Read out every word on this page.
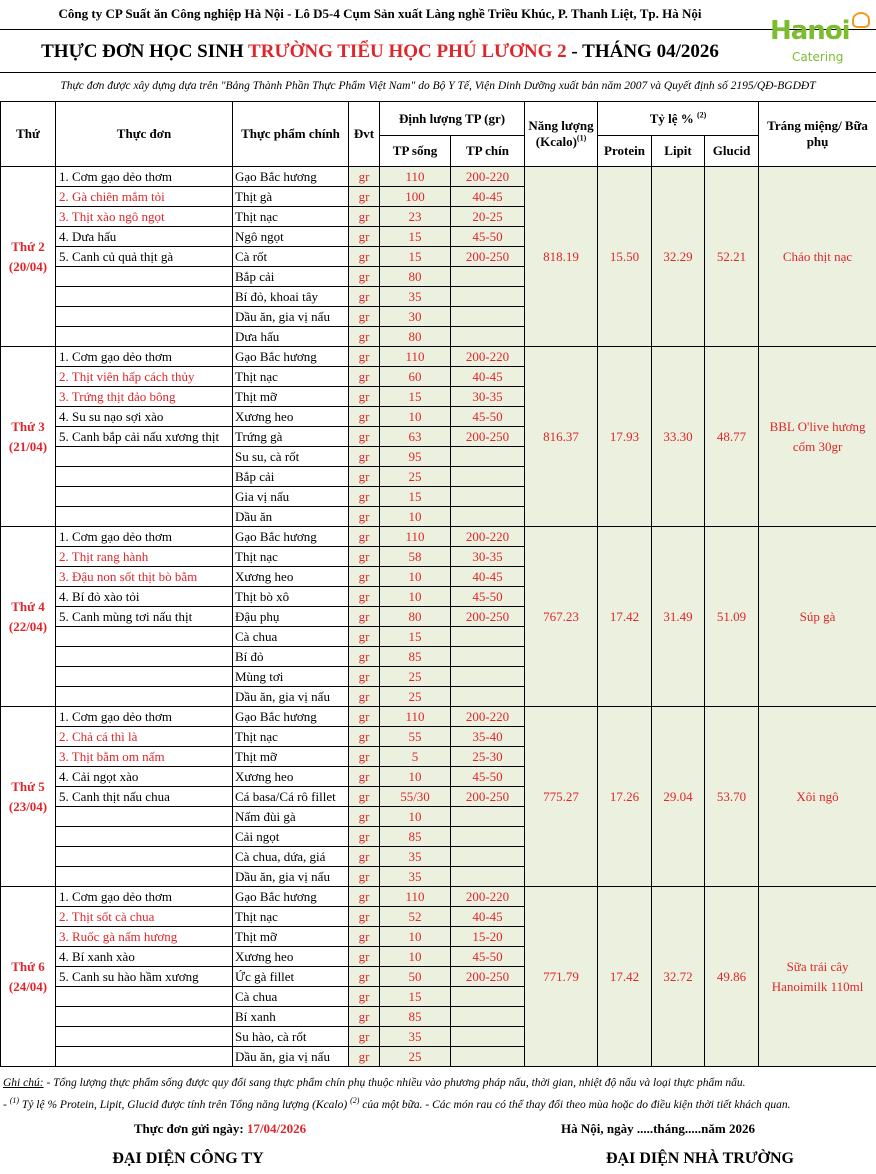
Công ty CP Suất ăn Công nghiệp Hà Nội - Lô D5-4 Cụm Sản xuất Làng nghề Triều Khúc, P. Thanh Liệt, Tp. Hà Nội
THỰC ĐƠN HỌC SINH TRƯỜNG TIỂU HỌC PHÚ LƯƠNG 2 - THÁNG 04/2026
Hanoi
Catering
Thực đơn được xây dựng dựa trên "Bảng Thành Phần Thực Phẩm Việt Nam" do Bộ Y Tế, Viện Dinh Dưỡng xuất bản năm 2007 và Quyết định số 2195/QĐ-BGDĐT
Thứ	Thực đơn	Thực phẩm chính	Đvt	Định lượng TP (gr)		Năng lượng (Kcalo)$^{(1)}$	Tỷ lệ % $^{(2)}$			Tráng miệng/ Bữa phụ
				TP sống	TP chín		Protein	Lipit	Glucid	

Thứ 2
(20/04)	1. Cơm gạo dẻo thơm	Gạo Bắc hương	gr	110	200-220	818.19	15.50	32.29	52.21	Cháo thịt nạc

	2. Gà chiên mắm tỏi	Thịt gà	gr	100	40-45					

	3. Thịt xào ngô ngọt	Thịt nạc	gr	23	20-25					

	4. Dưa hấu	Ngô ngọt	gr	15	45-50					

	5. Canh củ quả thịt gà	Cà rốt	gr	15	200-250					

		Bắp cải	gr	80						

		Bí đỏ, khoai tây	gr	35						

		Dầu ăn, gia vị nấu	gr	30						

		Dưa hấu	gr	80						

Thứ 3
(21/04)	1. Cơm gạo dẻo thơm	Gạo Bắc hương	gr	110	200-220	816.37	17.93	33.30	48.77	BBL O'live hương cốm 30gr

	2. Thịt viên hấp cách thủy	Thịt nạc	gr	60	40-45					

	3. Trứng thịt đảo bông	Thịt mỡ	gr	15	30-35					

	4. Su su nạo sợi xào	Xương heo	gr	10	45-50					

	5. Canh bắp cải nấu xương thịt	Trứng gà	gr	63	200-250					

		Su su, cà rốt	gr	95						

		Bắp cải	gr	25						

		Gia vị nấu	gr	15						

		Dầu ăn	gr	10						

Thứ 4
(22/04)	1. Cơm gạo dẻo thơm	Gạo Bắc hương	gr	110	200-220	767.23	17.42	31.49	51.09	Súp gà

	2. Thịt rang hành	Thịt nạc	gr	58	30-35					

	3. Đậu non sốt thịt bò bằm	Xương heo	gr	10	40-45					

	4. Bí đỏ xào tỏi	Thịt bò xô	gr	10	45-50					

	5. Canh mùng tơi nấu thịt	Đậu phụ	gr	80	200-250					

		Cà chua	gr	15						

		Bí đỏ	gr	85						

		Mùng tơi	gr	25						

		Dầu ăn, gia vị nấu	gr	25						

Thứ 5
(23/04)	1. Cơm gạo dẻo thơm	Gạo Bắc hương	gr	110	200-220	775.27	17.26	29.04	53.70	Xôi ngô

	2. Chả cá thì là	Thịt nạc	gr	55	35-40					

	3. Thịt bằm om nấm	Thịt mỡ	gr	5	25-30					

	4. Cải ngọt xào	Xương heo	gr	10	45-50					

	5. Canh thịt nấu chua	Cá basa/Cá rô fillet	gr	55/30	200-250					

		Nấm đùi gà	gr	10						

		Cải ngọt	gr	85						

		Cà chua, dứa, giá	gr	35						

		Dầu ăn, gia vị nấu	gr	35						

Thứ 6
(24/04)	1. Cơm gạo dẻo thơm	Gạo Bắc hương	gr	110	200-220	771.79	17.42	32.72	49.86	Sữa trái cây Hanoimilk 110ml

	2. Thịt sốt cà chua	Thịt nạc	gr	52	40-45					

	3. Ruốc gà nấm hương	Thịt mỡ	gr	10	15-20					

	4. Bí xanh xào	Xương heo	gr	10	45-50					

	5. Canh su hào hầm xương	Ức gà fillet	gr	50	200-250					

		Cà chua	gr	15						

		Bí xanh	gr	85						

		Su hào, cà rốt	gr	35						

		Dầu ăn, gia vị nấu	gr	25						

Ghi chú: - Tổng lượng thực phẩm sống được quy đổi sang thực phẩm chín phụ thuộc nhiều vào phương pháp nấu, thời gian, nhiệt độ nấu và loại thực phẩm nấu.
- $^{(1)}$ Tỷ lệ % Protein, Lipit, Glucid được tính trên Tổng năng lượng (Kcalo) $^{(2)}$ của một bữa. - Các món rau có thể thay đổi theo mùa hoặc do điều kiện thời tiết khách quan.
Thực đơn gửi ngày: 17/04/2026	Hà Nội, ngày .....tháng.....năm 2026
ĐẠI DIỆN CÔNG TY	ĐẠI DIỆN NHÀ TRƯỜNG
